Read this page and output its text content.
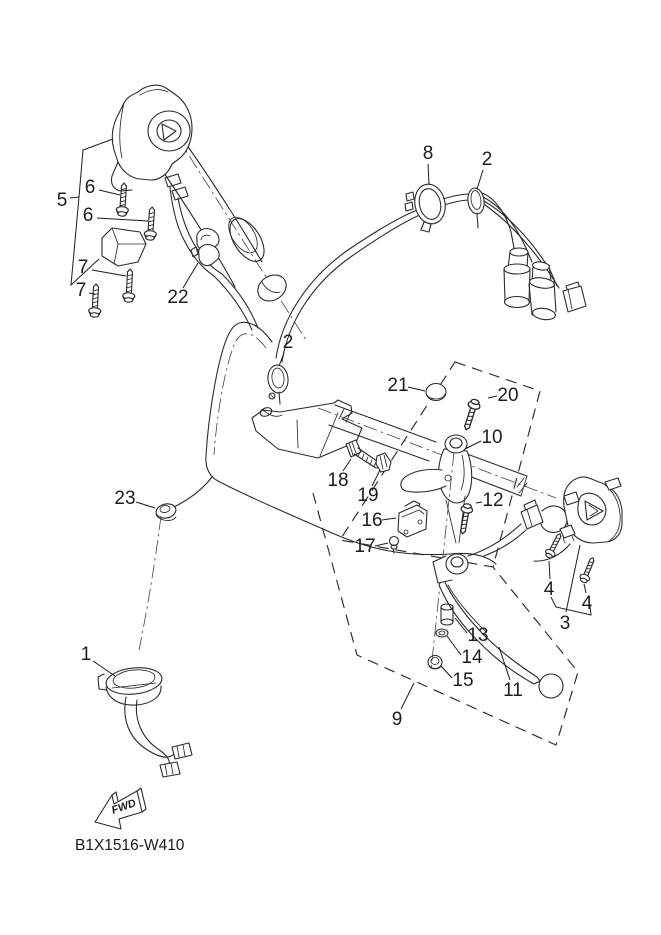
FWD
B1X1516-W410
1
2
2
3
4
4
5
6
6
7
7
8
9
10
11
12
13
14
15
16
17
18
19
20
21
22
23
